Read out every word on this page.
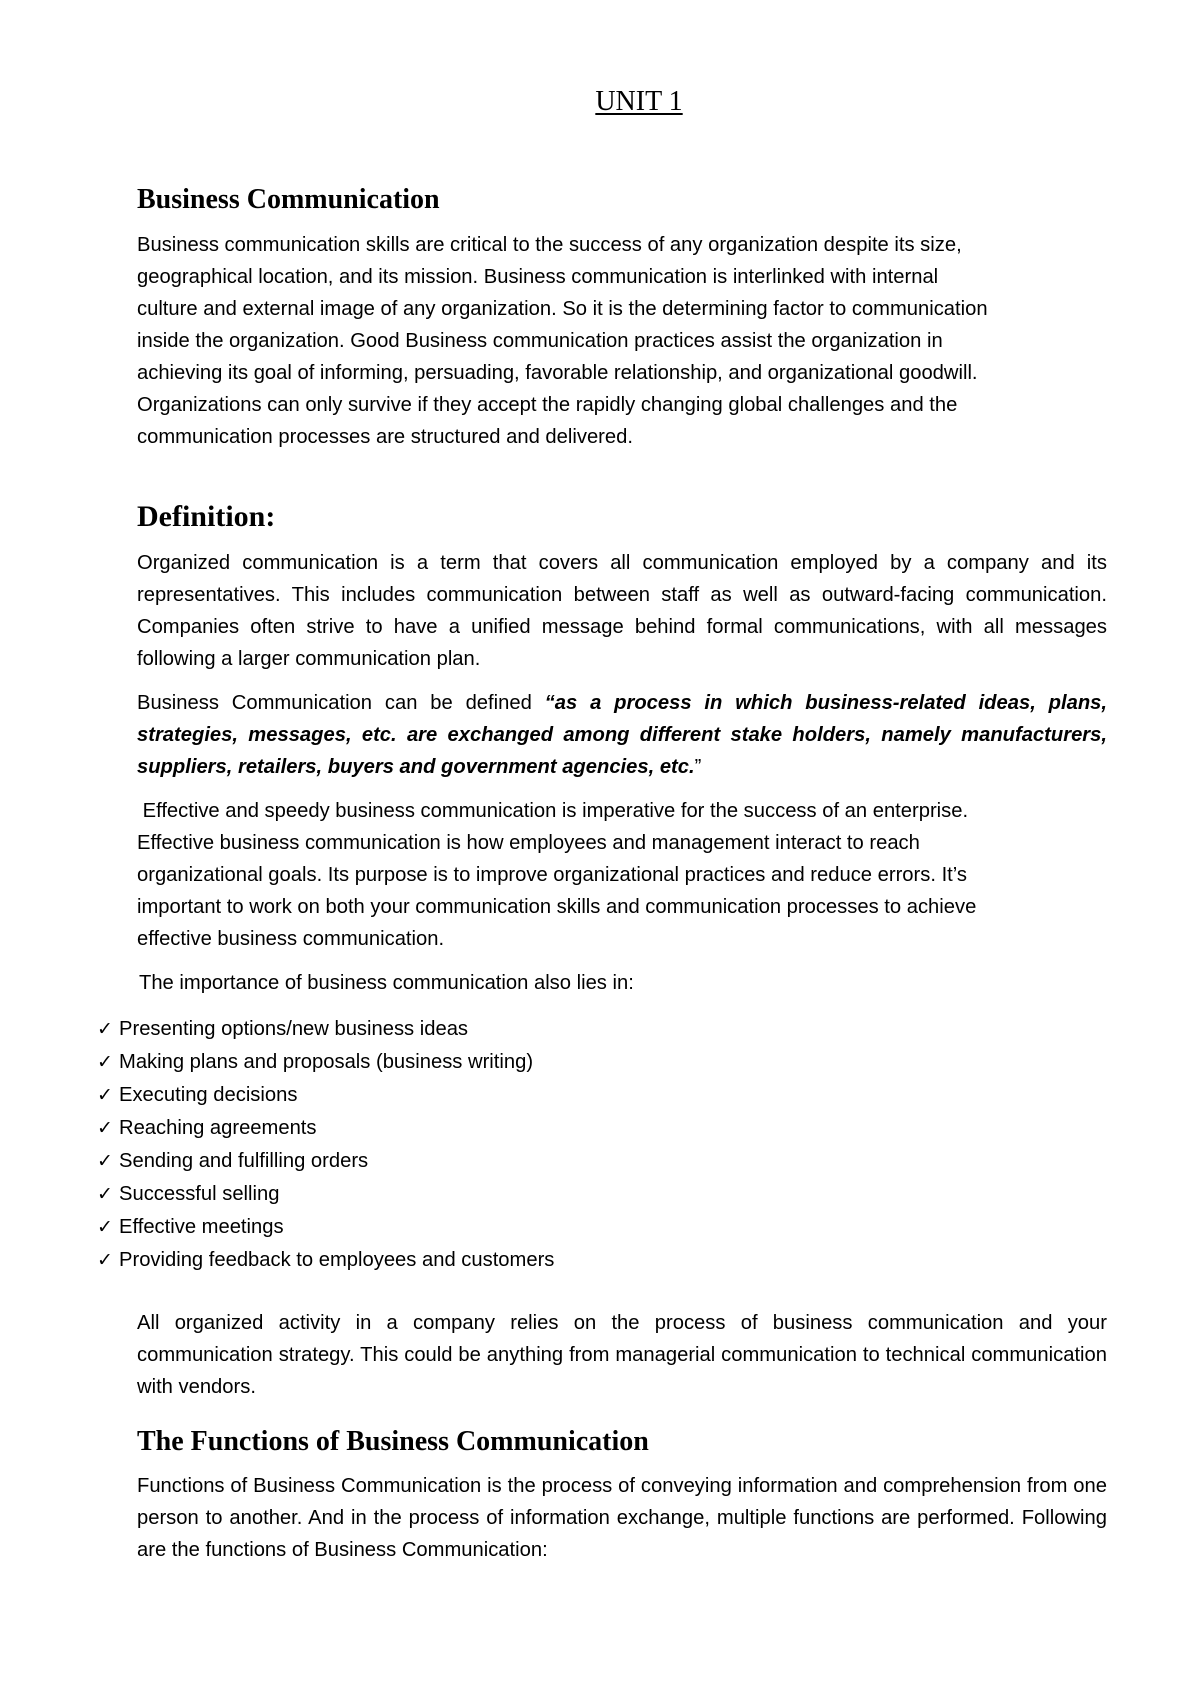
UNIT 1
Business Communication

Business communication skills are critical to the success of any organization despite its size,

geographical location, and its mission. Business communication is interlinked with internal

culture and external image of any organization. So it is the determining factor to communication

inside the organization. Good Business communication practices assist the organization in

achieving its goal of informing, persuading, favorable relationship, and organizational goodwill.

Organizations can only survive if they accept the rapidly changing global challenges and the

communication processes are structured and delivered.

Definition:

Organized communication is a term that covers all communication employed by a company and its representatives. This includes communication between staff as well as outward-facing communication. Companies often strive to have a unified message behind formal communications, with all messages following a larger communication plan.

Business Communication can be defined “as a process in which business-related ideas, plans, strategies, messages, etc. are exchanged among different stake holders, namely manufacturers, suppliers, retailers, buyers and government agencies, etc.”

Effective and speedy business communication is imperative for the success of an enterprise.

Effective business communication is how employees and management interact to reach

organizational goals. Its purpose is to improve organizational practices and reduce errors. It’s

important to work on both your communication skills and communication processes to achieve

effective business communication.

The importance of business communication also lies in:

✓ Presenting options/new business ideas
✓ Making plans and proposals (business writing)
✓ Executing decisions
✓ Reaching agreements
✓ Sending and fulfilling orders
✓ Successful selling
✓ Effective meetings
✓ Providing feedback to employees and customers

All organized activity in a company relies on the process of business communication and your communication strategy. This could be anything from managerial communication to technical communication with vendors.

The Functions of Business Communication

Functions of Business Communication is the process of conveying information and comprehension from one person to another. And in the process of information exchange, multiple functions are performed. Following are the functions of Business Communication:
